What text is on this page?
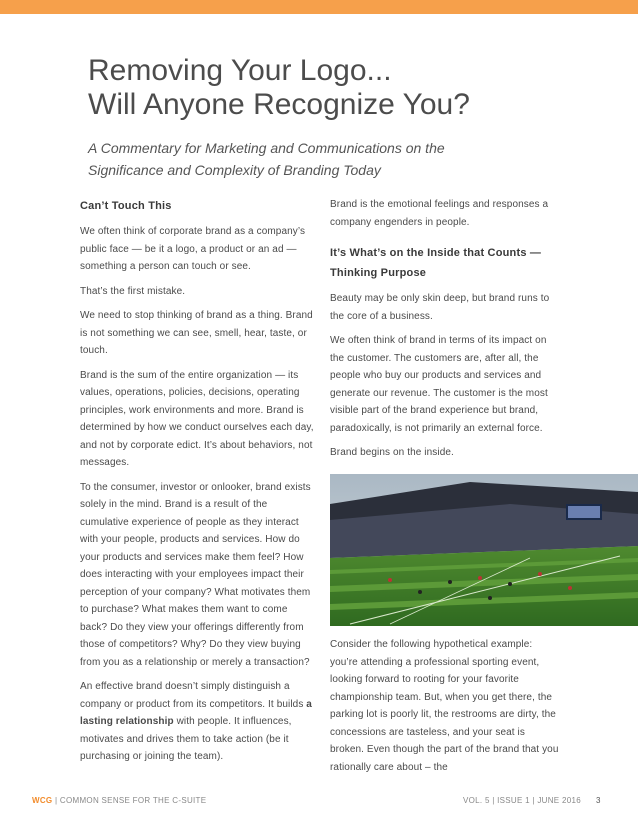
Removing Your Logo...
Will Anyone Recognize You?
A Commentary for Marketing and Communications on the
Significance and Complexity of Branding Today
Can’t Touch This

We often think of corporate brand as a company’s public face — be it a logo, a product or an ad — something a person can touch or see.

That’s the first mistake.

We need to stop thinking of brand as a thing. Brand is not something we can see, smell, hear, taste, or touch.

Brand is the sum of the entire organization — its values, operations, policies, decisions, operating principles, work environments and more. Brand is determined by how we conduct ourselves each day, and not by corporate edict. It’s about behaviors, not messages.

To the consumer, investor or onlooker, brand exists solely in the mind. Brand is a result of the cumulative experience of people as they interact with your people, products and services. How do your products and services make them feel? How does interacting with your employees impact their perception of your company? What motivates them to purchase? What makes them want to come back? Do they view your offerings differently from those of competitors? Why? Do they view buying from you as a relationship or merely a transaction?

An effective brand doesn’t simply distinguish a company or product from its competitors. It builds a lasting relationship with people. It influences, motivates and drives them to take action (be it purchasing or joining the team).

Brand is the emotional feelings and responses a company engenders in people.

It’s What’s on the Inside that Counts — Thinking Purpose

Beauty may be only skin deep, but brand runs to the core of a business.

We often think of brand in terms of its impact on the customer. The customers are, after all, the people who buy our products and services and generate our revenue. The customer is the most visible part of the brand experience but brand, paradoxically, is not primarily an external force.

Brand begins on the inside.

Consider the following hypothetical example: you’re attending a professional sporting event, looking forward to rooting for your favorite championship team. But, when you get there, the parking lot is poorly lit, the restrooms are dirty, the concessions are tasteless, and your seat is broken. Even though the part of the brand that you rationally care about – the

WCG | COMMON SENSE FOR THE C-SUITE	VOL. 5 | ISSUE 1 | JUNE 2016 3
